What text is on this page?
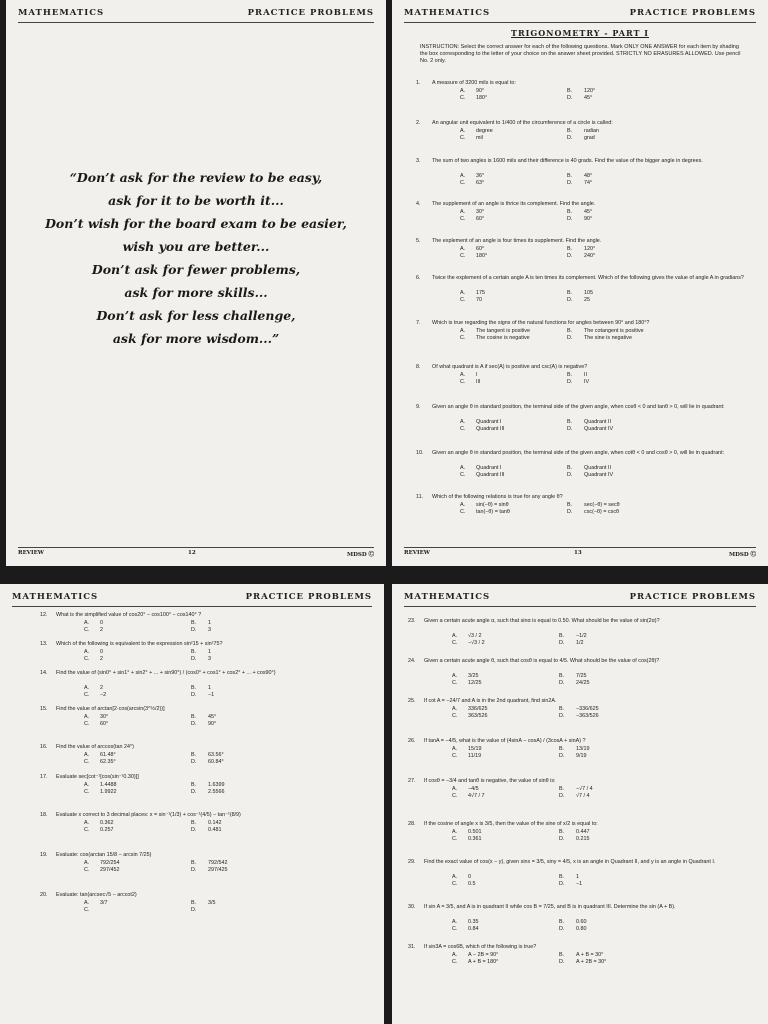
MATHEMATICS	PRACTICE PROBLEMS
“Don’t ask for the review to be easy,
ask for it to be worth it...
Don’t wish for the board exam to be easier,
wish you are better...
Don’t ask for fewer problems,
ask for more skills...
Don’t ask for less challenge,
ask for more wisdom...”
REVIEW	12	MDSD Ⓒ
MATHEMATICS	PRACTICE PROBLEMS
TRIGONOMETRY - PART I
INSTRUCTION: Select the correct answer for each of the following questions. Mark ONLY ONE ANSWER for each item by shading the box corresponding to the letter of your choice on the answer sheet provided. STRICTLY NO ERASURES ALLOWED. Use pencil No. 2 only.
1.	A measure of 3200 mils is equal to:
A. 90°	B. 120°
C. 180°	D. 45°
2.	An angular unit equivalent to 1/400 of the circumference of a circle is called:
A. degree	B. radian
C. mil	D. grad
3.	The sum of two angles is 1600 mils and their difference is 40 grads. Find the value of the bigger angle in degrees.
A. 36°	B. 48°
C. 63°	D. 74°
4.	The supplement of an angle is thrice its complement. Find the angle.
A. 30°	B. 45°
C. 60°	D. 90°
5.	The explement of an angle is four times its supplement. Find the angle.
A. 60°	B. 120°
C. 180°	D. 240°
6.	Twice the explement of a certain angle A is ten times its complement. Which of the following gives the value of angle A in gradians?
A. 175	B. 105
C. 70	D. 25
7.	Which is true regarding the signs of the natural functions for angles between 90° and 180°?
A. The tangent is positive	B. The cotangent is positive
C. The cosine is negative	D. The sine is negative
8.	Of what quadrant is A if sec(A) is positive and csc(A) is negative?
A. I	B. II
C. III	D. IV
9.	Given an angle θ in standard position, the terminal side of the given angle, when cosθ < 0 and tanθ > 0, will lie in quadrant:
A. Quadrant I	B. Quadrant II
C. Quadrant III	D. Quadrant IV
10.	Given an angle θ in standard position, the terminal side of the given angle, when cotθ < 0 and cosθ > 0, will lie in quadrant:
A. Quadrant I	B. Quadrant II
C. Quadrant III	D. Quadrant IV
11.	Which of the following relations is true for any angle θ?
A. sin(−θ) = sinθ	B. sec(−θ) = secθ
C. tan(−θ) = tanθ	D. csc(−θ) = cscθ
REVIEW	13	MDSD Ⓒ
MATHEMATICS	PRACTICE PROBLEMS
12.	What is the simplified value of cos20° − cos100° − cos140° ?
A. 0	B. 1
C. 2	D. 3
13.	Which of the following is equivalent to the expression sin²15 + sin²75?
A. 0	B. 1
C. 2	D. 3
14.	Find the value of (sin0° + sin1° + sin2° + ... + sin90°) / (cos0° + cos1° + cos2° + ... + cos90°)
A. 2	B. 1
C. −2	D. −1
15.	Find the value of arctan[2·cos(arcsin(3^½/2))]
A. 30°	B. 45°
C. 60°	D. 90°
16.	Find the value of arccos(tan 24°)
A. 61.48°	B. 63.56°
C. 62.35°	D. 60.84°
17.	Evaluate sec[cot⁻¹[cos(sin⁻¹0.30)]]
A. 1.4488	B. 1.6399
C. 1.9922	D. 2.5566
18.	Evaluate x correct to 3 decimal places: x = sin⁻¹(1/3) + cos⁻¹(4/5) − tan⁻¹(8/9)
A. 0.362	B. 0.142
C. 0.257	D. 0.481
19.	Evaluate: cos(arctan 15/8 − arcsin 7/25)
A. 792/254	B. 792/542
C. 297/452	D. 297/425
20.	Evaluate: tan(arcsec√5 − arccot2)
A. 3/7	B. 3/5
C.	D.
MATHEMATICS	PRACTICE PROBLEMS
23.	Given a certain acute angle α, such that sinα is equal to 0.50. What should be the value of sin(2α)?
A. √3 / 2	B. −1/2
C. −√3 / 2	D. 1/2
24.	Given a certain acute angle θ, such that cosθ is equal to 4/5. What should be the value of cos(2θ)?
A. 3/25	B. 7/25
C. 12/25	D. 24/25
25.	If cot A = −24/7 and A is in the 2nd quadrant, find sin2A.
A. 336/625	B. −336/625
C. 363/526	D. −363/526
26.	If tanA = −4/5, what is the value of (4sinA − cosA) / (3cosA + sinA) ?
A. 15/19	B. 13/19
C. 11/19	D. 9/19
27.	If cosθ = −3/4 and tanθ is negative, the value of sinθ is:
A. −4/5	B. −√7 / 4
C. 4√7 / 7	D. √7 / 4
28.	If the cosine of angle x is 3/5, then the value of the sine of x/2 is equal to:
A. 0.501	B. 0.447
C. 0.361	D. 0.215
29.	Find the exact value of cos(x − y), given sinx = 3/5, siny = 4/5, x is an angle in Quadrant II, and y is an angle in Quadrant I.
A. 0	B. 1
C. 0.5	D. −1
30.	If sin A = 3/5, and A is in quadrant II while cos B = 7/25, and B is in quadrant III. Determine the sin (A + B).
A. 0.35	B. 0.60
C. 0.84	D. 0.80
31.	If sin3A = cos6B, which of the following is true?
A. A − 2B = 90°	B. A + B = 30°
C. A + B = 180°	D. A + 2B = 30°
